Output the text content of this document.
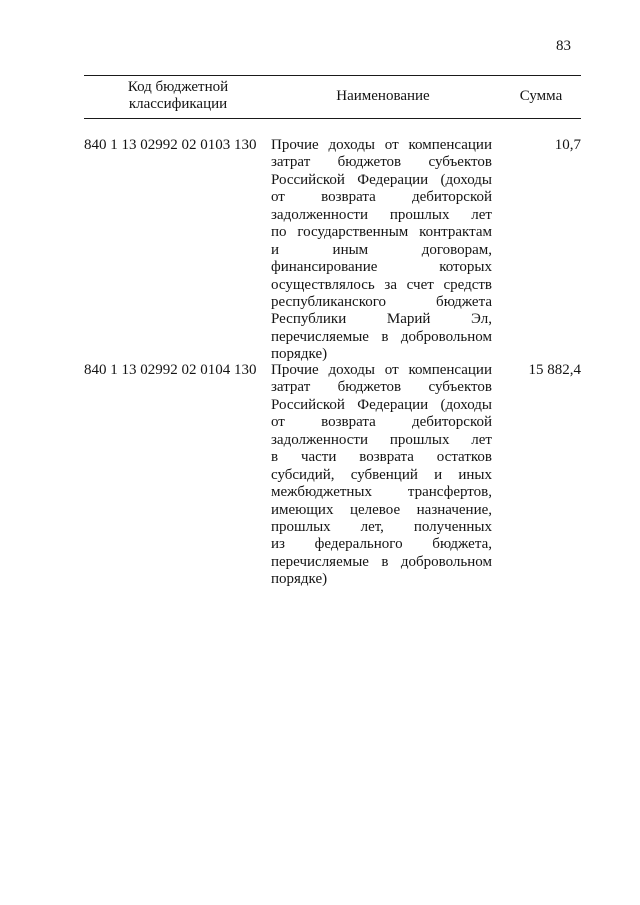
83
Код бюджетной
классификации	Наименование	Сумма
840 1 13 02992 02 0103 130 Прочие доходы от компенсации
затрат бюджетов субъектов
Российской Федерации (доходы
от возврата дебиторской
задолженности прошлых лет
по государственным контрактам
и иным договорам,
финансирование которых
осуществлялось за счет средств
республиканского бюджета
Республики Марий Эл,
перечисляемые в добровольном
порядке)
10,7
840 1 13 02992 02 0104 130 Прочие доходы от компенсации
затрат бюджетов субъектов
Российской Федерации (доходы
от возврата дебиторской
задолженности прошлых лет
в части возврата остатков
субсидий, субвенций и иных
межбюджетных трансфертов,
имеющих целевое назначение,
прошлых лет, полученных
из федерального бюджета,
перечисляемые в добровольном
порядке)
15 882,4
